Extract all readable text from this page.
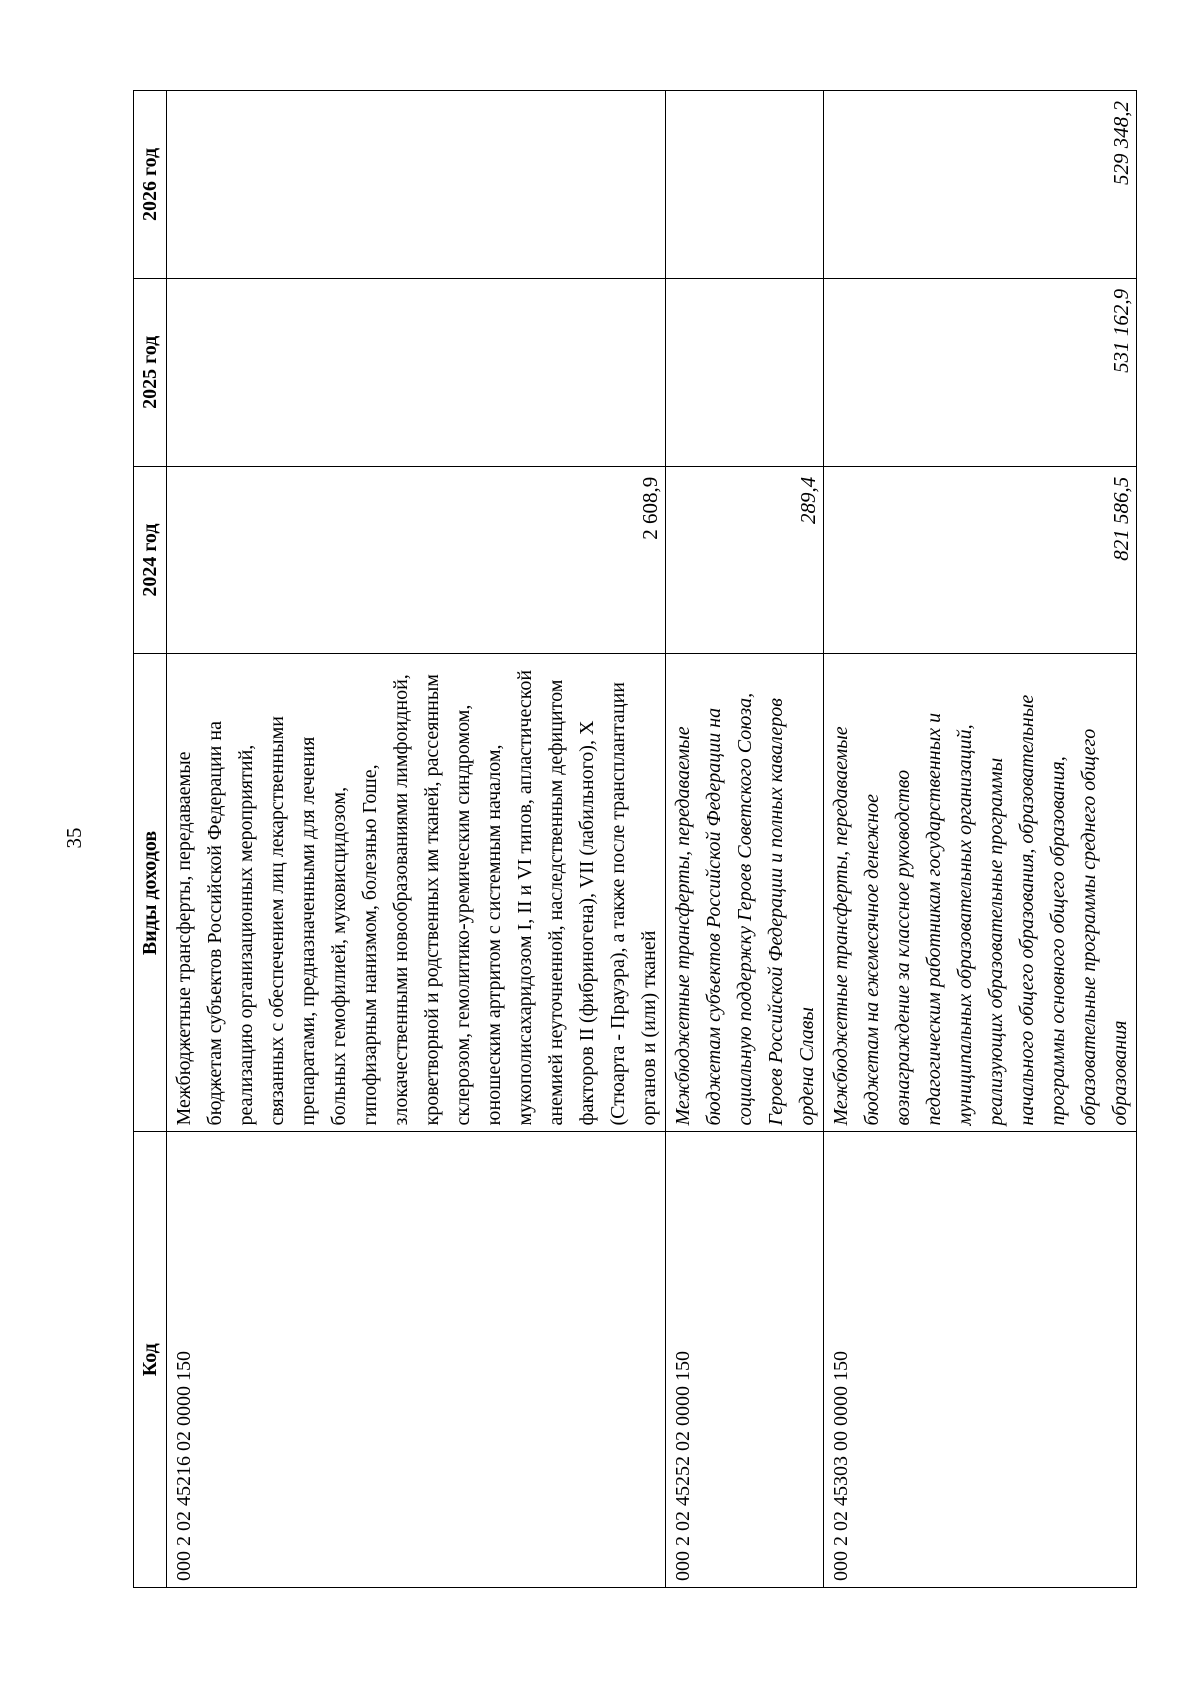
35
Код	Виды доходов	2024 год	2025 год	2026 год
000 2 02 45216 02 0000 150	Межбюджетные трансферты, передаваемые бюджетам субъектов Российской Федерации на реализацию организационных мероприятий, связанных с обеспечением лиц лекарственными препаратами, предназначенными для лечения больных гемофилией, муковисцидозом, гипофизарным нанизмом, болезнью Гоше, злокачественными новообразованиями лимфоидной, кроветворной и родственных им тканей, рассеянным склерозом, гемолитико-уремическим синдромом, юношеским артритом с системным началом, мукополисахаридозом I, II и VI типов, апластической анемией неуточненной, наследственным дефицитом факторов II (фибриногена), VII (лабильного), X (Стюарта - Прауэра), а также после трансплантации органов и (или) тканей	2 608,9		
000 2 02 45252 02 0000 150	Межбюджетные трансферты, передаваемые бюджетам субъектов Российской Федерации на социальную поддержку Героев Советского Союза, Героев Российской Федерации и полных кавалеров ордена Славы	289,4		
000 2 02 45303 00 0000 150	Межбюджетные трансферты, передаваемые бюджетам на ежемесячное денежное вознаграждение за классное руководство педагогическим работникам государственных и муниципальных образовательных организаций, реализующих образовательные программы начального общего образования, образовательные программы основного общего образования, образовательные программы среднего общего образования	821 586,5	531 162,9	529 348,2
